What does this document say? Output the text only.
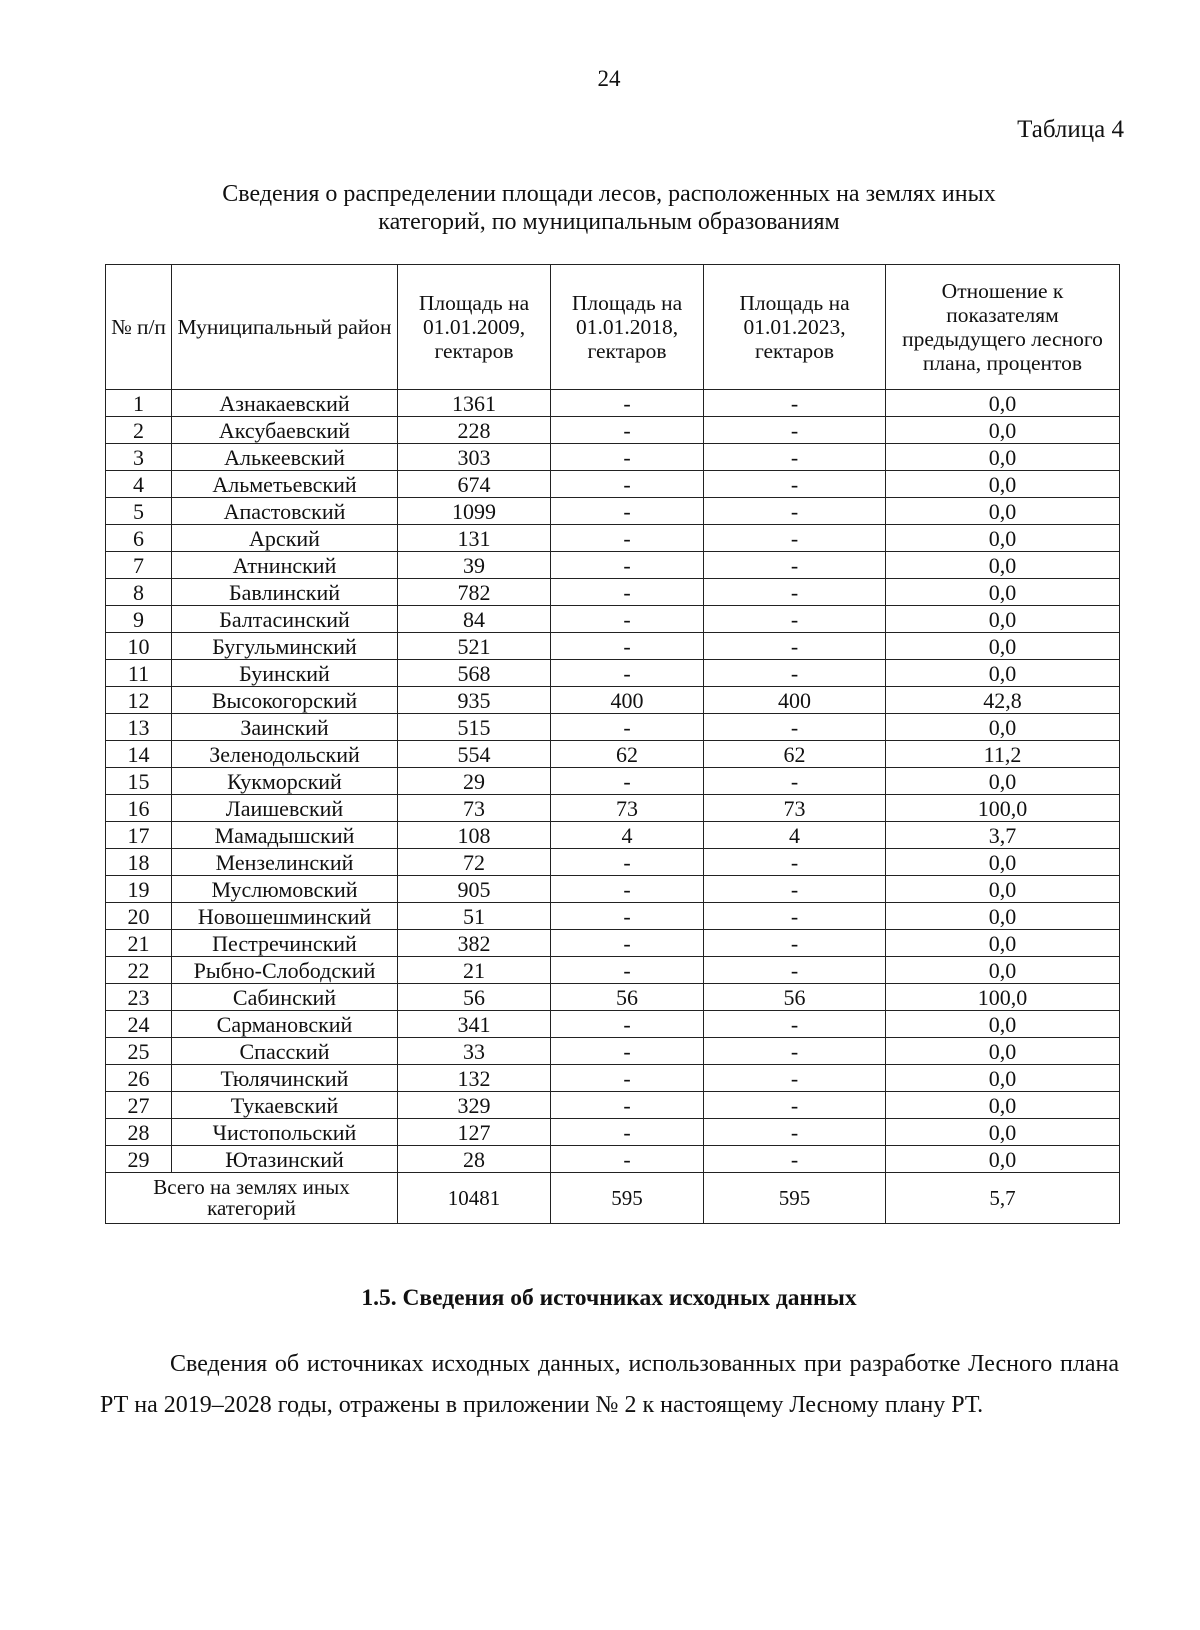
24
Таблица 4
Сведения о распределении площади лесов, расположенных на землях иных
категорий, по муниципальным образованиям
№ п/п	Муниципальный район	Площадь на 01.01.2009, гектаров	Площадь на 01.01.2018, гектаров	Площадь на 01.01.2023, гектаров	Отношение к показателям предыдущего лесного плана, процентов
1	Азнакаевский	1361	-	-	0,0
2	Аксубаевский	228	-	-	0,0
3	Алькеевский	303	-	-	0,0
4	Альметьевский	674	-	-	0,0
5	Апастовский	1099	-	-	0,0
6	Арский	131	-	-	0,0
7	Атнинский	39	-	-	0,0
8	Бавлинский	782	-	-	0,0
9	Балтасинский	84	-	-	0,0
10	Бугульминский	521	-	-	0,0
11	Буинский	568	-	-	0,0
12	Высокогорский	935	400	400	42,8
13	Заинский	515	-	-	0,0
14	Зеленодольский	554	62	62	11,2
15	Кукморский	29	-	-	0,0
16	Лаишевский	73	73	73	100,0
17	Мамадышский	108	4	4	3,7
18	Мензелинский	72	-	-	0,0
19	Муслюмовский	905	-	-	0,0
20	Новошешминский	51	-	-	0,0
21	Пестречинский	382	-	-	0,0
22	Рыбно-Слободский	21	-	-	0,0
23	Сабинский	56	56	56	100,0
24	Сармановский	341	-	-	0,0
25	Спасский	33	-	-	0,0
26	Тюлячинский	132	-	-	0,0
27	Тукаевский	329	-	-	0,0
28	Чистопольский	127	-	-	0,0
29	Ютазинский	28	-	-	0,0
Всего на землях иных категорий		10481	595	595	5,7
1.5. Сведения об источниках исходных данных
Сведения об источниках исходных данных, использованных при разработке Лесного плана РТ на 2019–2028 годы, отражены в приложении № 2 к настоящему Лесному плану РТ.
